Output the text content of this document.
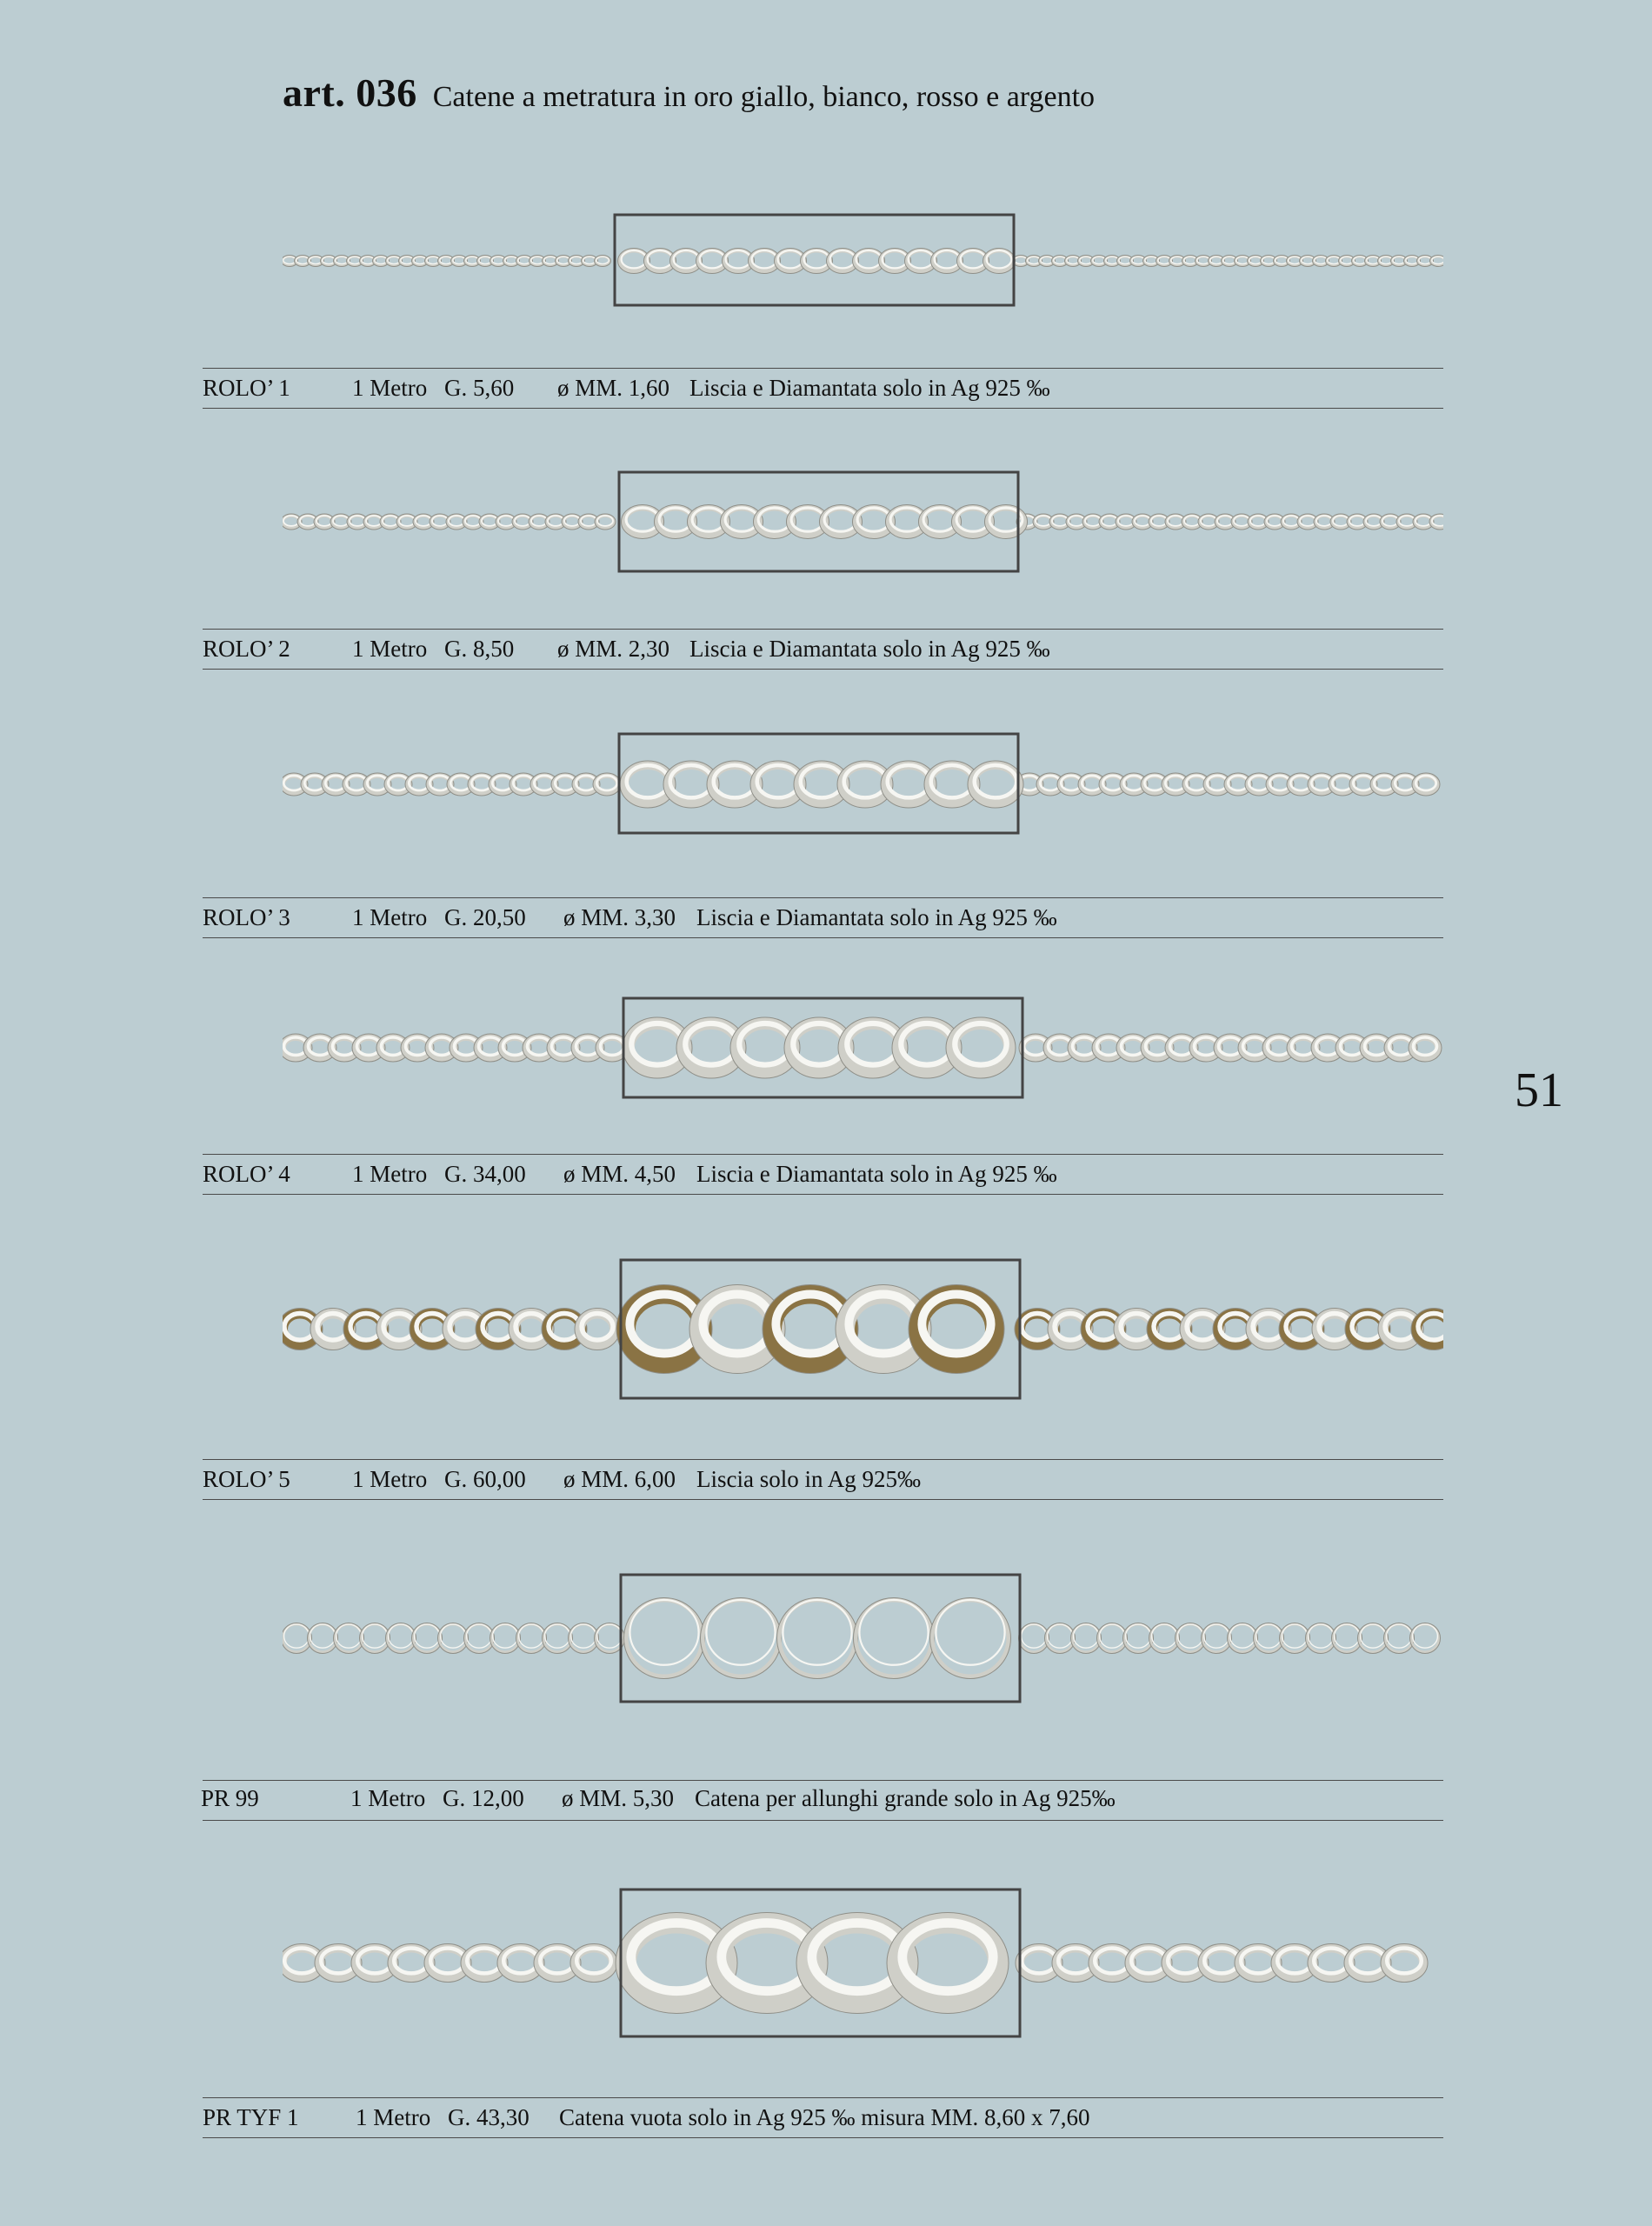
art. 036 Catene a metratura in oro giallo, bianco, rosso e argento
51
ROLO’ 1	1 Metro G. 5,60 ø MM. 1,60 Liscia e Diamantata solo in Ag 925 ‰
ROLO’ 2	1 Metro G. 8,50 ø MM. 2,30 Liscia e Diamantata solo in Ag 925 ‰
ROLO’ 3	1 Metro G. 20,50 ø MM. 3,30 Liscia e Diamantata solo in Ag 925 ‰
ROLO’ 4	1 Metro G. 34,00 ø MM. 4,50 Liscia e Diamantata solo in Ag 925 ‰
ROLO’ 5	1 Metro G. 60,00 ø MM. 6,00 Liscia solo in Ag 925‰
PR 99	1 Metro G. 12,00 ø MM. 5,30 Catena per allunghi grande solo in Ag 925‰
PR TYF 1 1 Metro G. 43,30 Catena vuota solo in Ag 925 ‰ misura MM. 8,60 x 7,60
